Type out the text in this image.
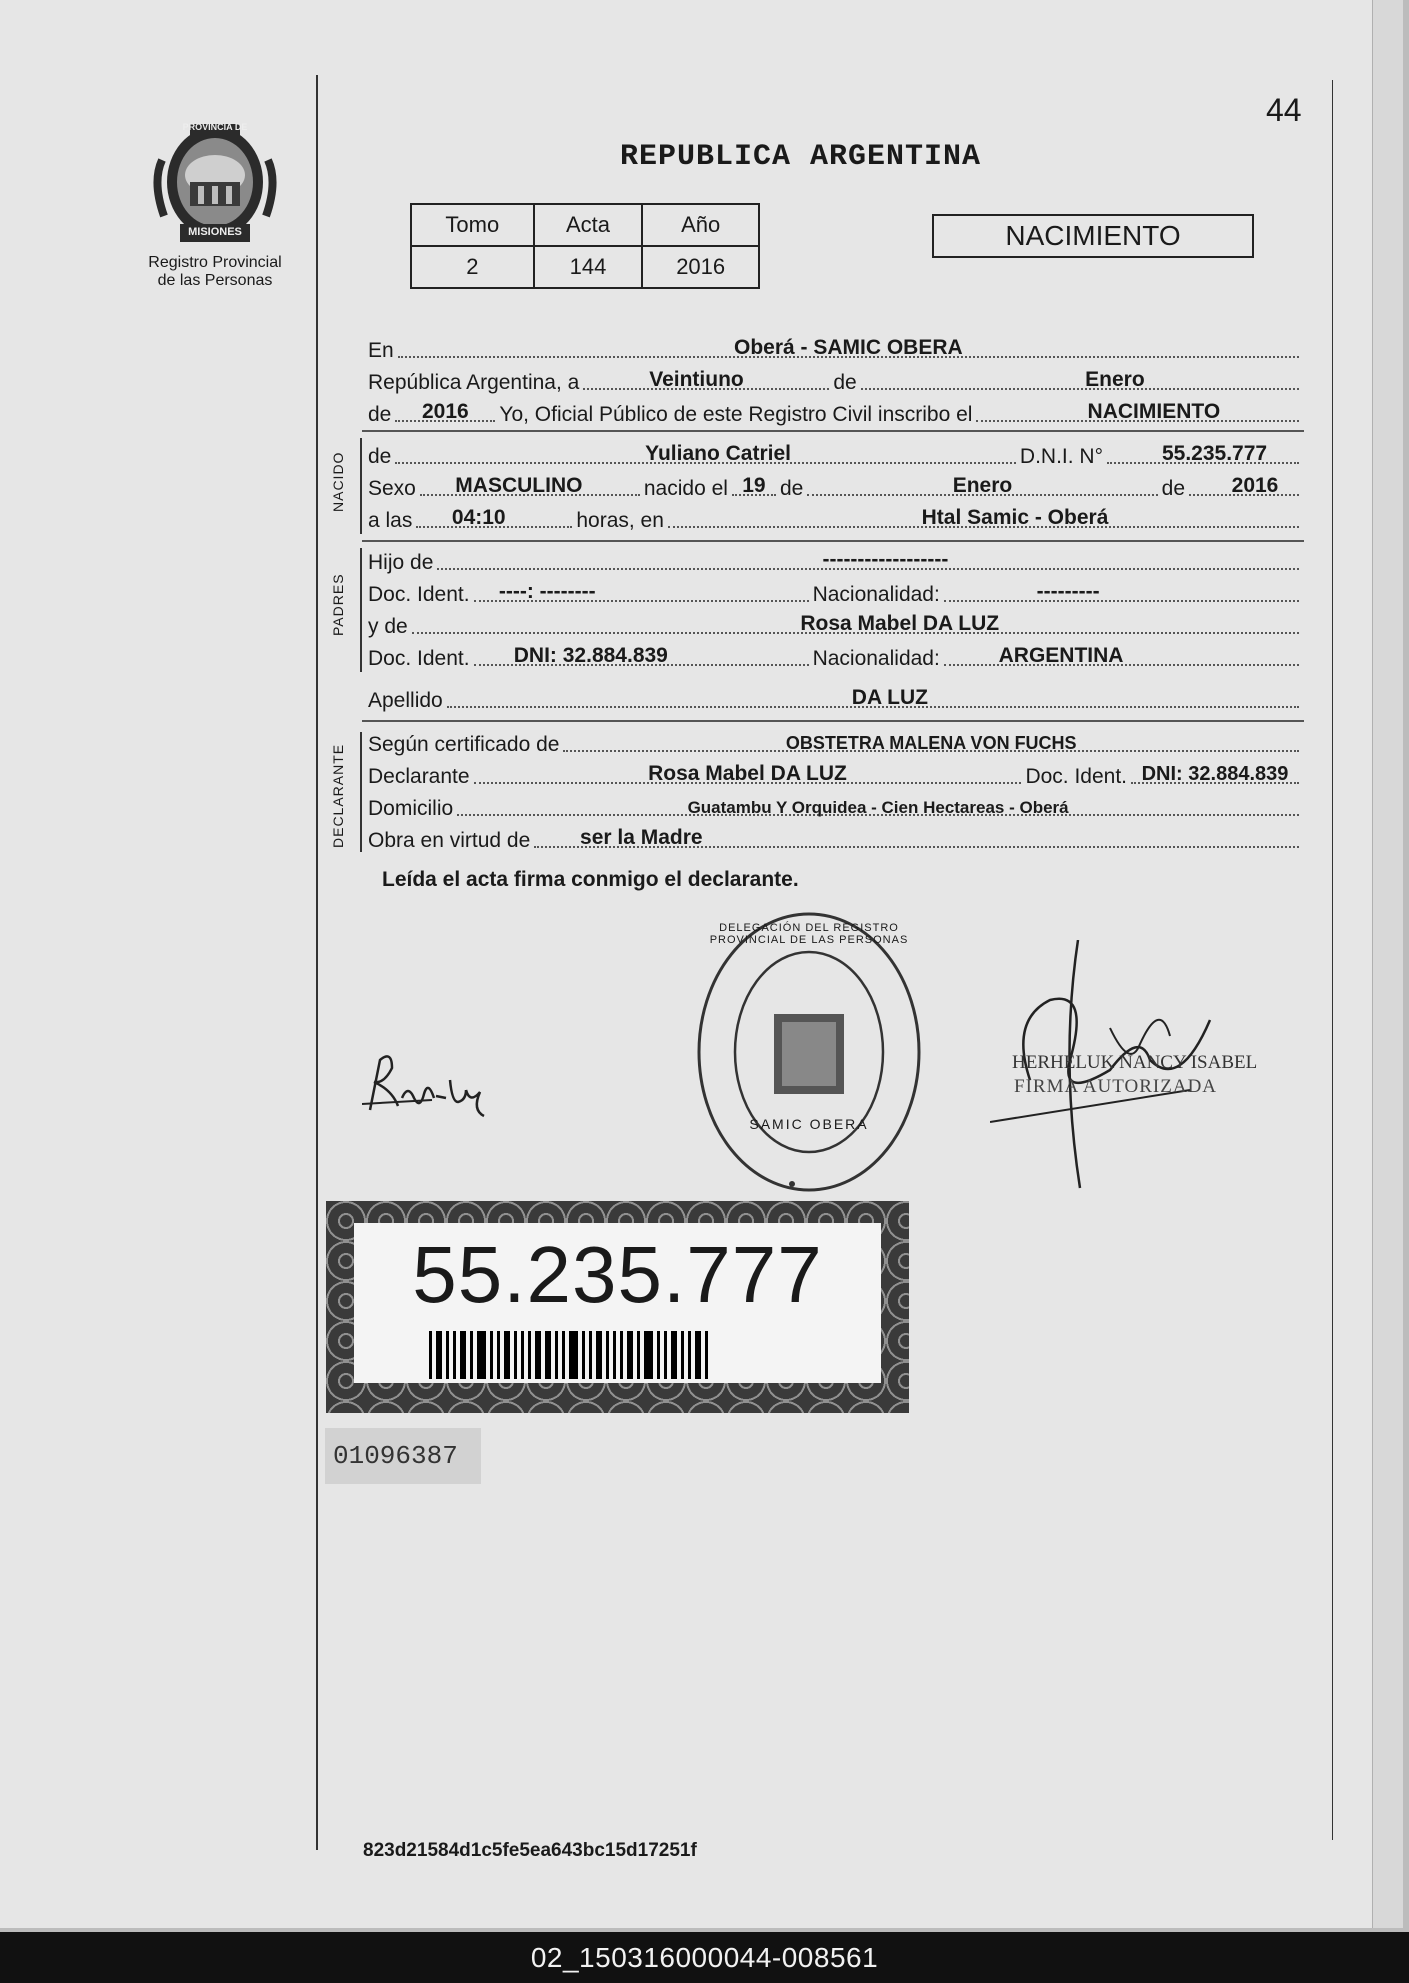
44
PROVINCIA DE
MISIONES
Registro Provincial
de las Personas
REPUBLICA ARGENTINA
Tomo	Acta	Año
2	144	2016
NACIMIENTO
En	Oberá - SAMIC OBERA
República Argentina, a	Veintiuno	de	Enero
de 2016 Yo, Oficial Público de este Registro Civil inscribo el	NACIMIENTO
NACIDO de	Yuliano Catriel	D.N.I. N°	55.235.777
Sexo MASCULINO	nacido el 19 de	Enero	de 2016
a las 04:10	horas, en	Htal Samic - Oberá
PADRES
Hijo de	------------------
Doc. Ident. ----: --------	Nacionalidad:	---------
y de	Rosa Mabel DA LUZ
Doc. Ident. DNI: 32.884.839	Nacionalidad:	ARGENTINA
Apellido	DA LUZ
DECLARANTE Según certificado de	OBSTETRA MALENA VON FUCHS
Declarante	Rosa Mabel DA LUZ	Doc. Ident. DNI: 32.884.839
Domicilio	Guatambu Y Orquidea - Cien Hectareas - Oberá
Obra en virtud de ser la Madre
Leída el acta firma conmigo el declarante.
DELEGACIÓN DEL REGISTRO PROVINCIAL DE LAS PERSONAS
SAMIC OBERA
HERHELUK NANCY ISABEL
FIRMA AUTORIZADA
55.235.777
01096387
823d21584d1c5fe5ea643bc15d17251f
02_150316000044-008561
